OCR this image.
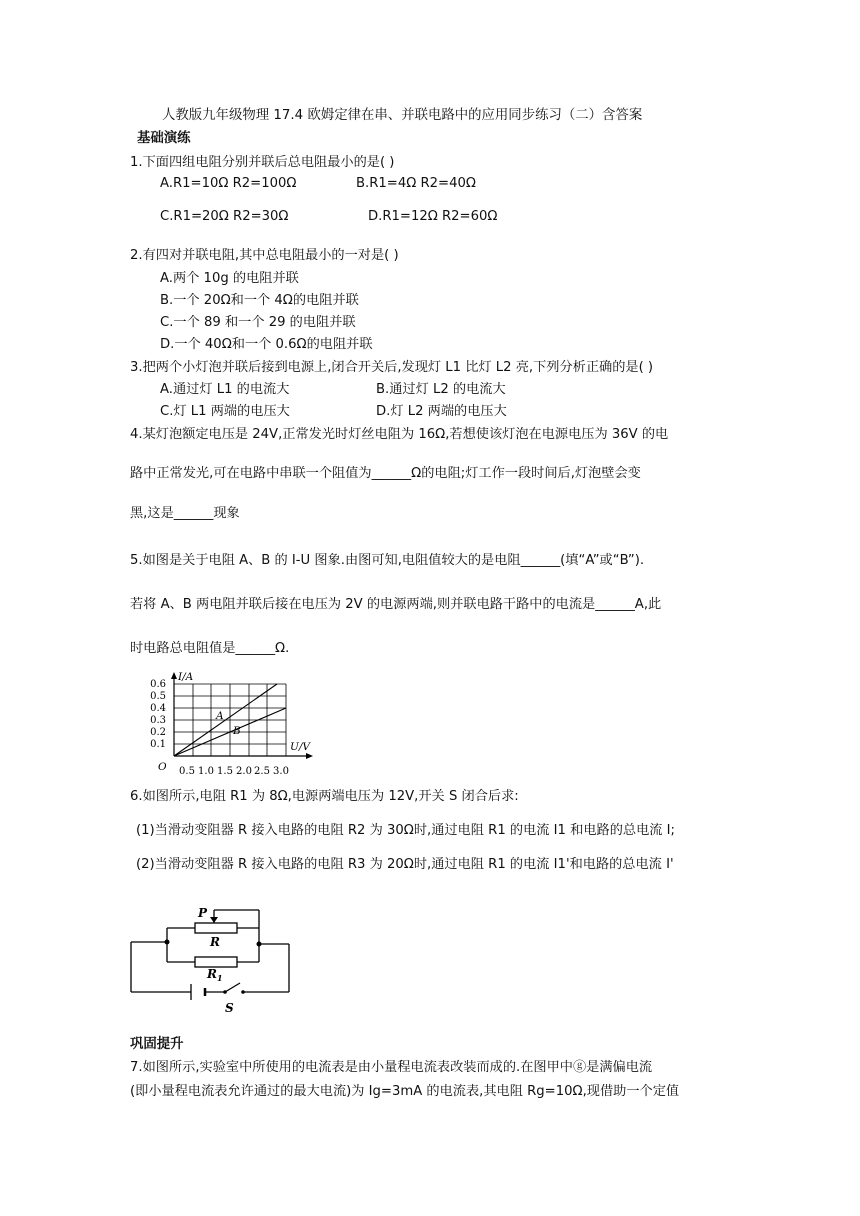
人教版九年级物理 17.4 欧姆定律在串、并联电路中的应用同步练习（二）含答案
基础演练
1.下面四组电阻分别并联后总电阻最小的是( )
A.R1=10Ω R2=100Ω	B.R1=4Ω R2=40Ω
C.R1=20Ω R2=30Ω	D.R1=12Ω R2=60Ω
2.有四对并联电阻,其中总电阻最小的一对是( )
A.两个 10g 的电阻并联
B.一个 20Ω和一个 4Ω的电阻并联
C.一个 89 和一个 29 的电阻并联
D.一个 40Ω和一个 0.6Ω的电阻并联
3.把两个小灯泡并联后接到电源上,闭合开关后,发现灯 L1 比灯 L2 亮,下列分析正确的是( )
A.通过灯 L1 的电流大	B.通过灯 L2 的电流大
C.灯 L1 两端的电压大	D.灯 L2 两端的电压大
4.某灯泡额定电压是 24V,正常发光时灯丝电阻为 16Ω,若想使该灯泡在电源电压为 36V 的电
路中正常发光,可在电路中串联一个阻值为______Ω的电阻;灯工作一段时间后,灯泡壁会变
黑,这是______现象
5.如图是关于电阻 A、B 的 I-U 图象.由图可知,电阻值较大的是电阻______(填“A”或“B”).
若将 A、B 两电阻并联后接在电压为 2V 的电源两端,则并联电路干路中的电流是______A,此
时电路总电阻值是______Ω.
I/A
U/V
O
A
B
0.6
0.5
0.4
0.3
0.2
0.1
0.5 1.0 1.5 2.0 2.5 3.0
6.如图所示,电阻 R1 为 8Ω,电源两端电压为 12V,开关 S 闭合后求:
(1)当滑动变阻器 R 接入电路的电阻 R2 为 30Ω时,通过电阻 R1 的电流 I1 和电路的总电流 I;
(2)当滑动变阻器 R 接入电路的电阻 R3 为 20Ω时,通过电阻 R1 的电流 I1'和电路的总电流 I'
P
R
$R_1$
S
巩固提升
7.如图所示,实验室中所使用的电流表是由小量程电流表改装而成的.在图甲中ⓖ是满偏电流
(即小量程电流表允许通过的最大电流)为 Ig=3mA 的电流表,其电阻 Rg=10Ω,现借助一个定值
